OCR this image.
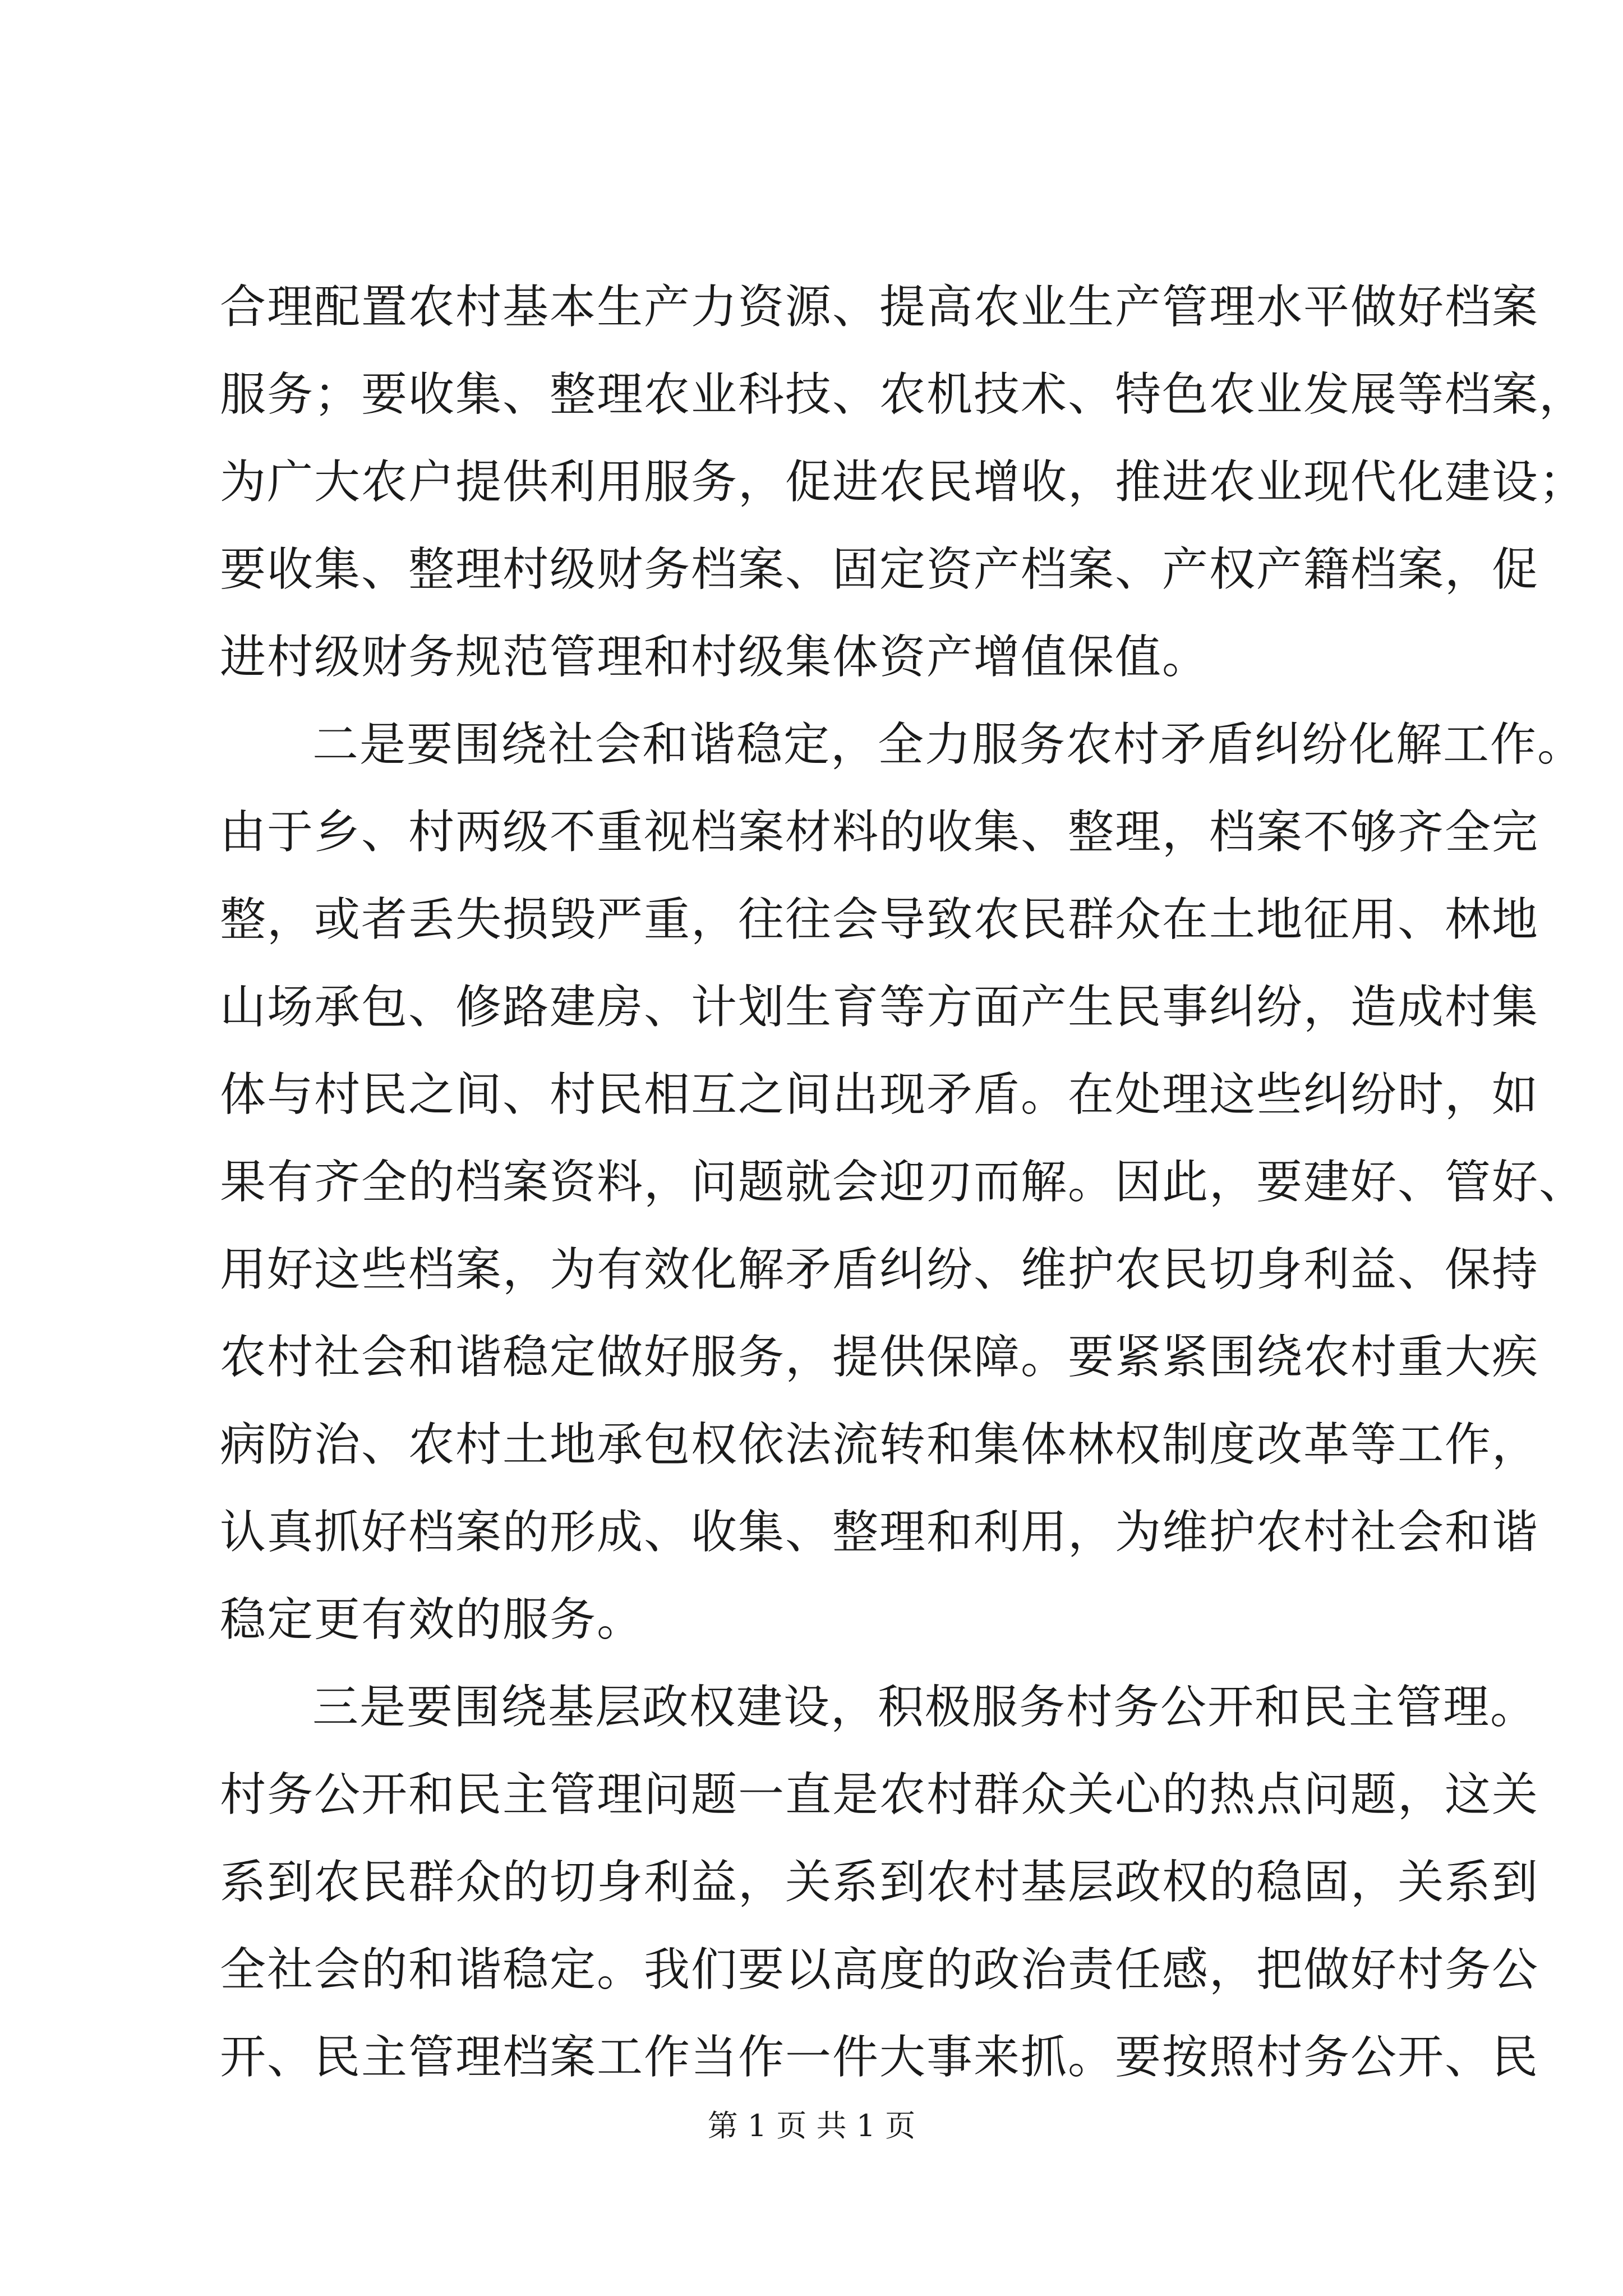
合理配置农村基本生产力资源、提高农业生产管理水平做好档案
服务；要收集、整理农业科技、农机技术、特色农业发展等档案，
为广大农户提供利用服务，促进农民增收，推进农业现代化建设；
要收集、整理村级财务档案、固定资产档案、产权产籍档案，促
进村级财务规范管理和村级集体资产增值保值。
二是要围绕社会和谐稳定，全力服务农村矛盾纠纷化解工作。
由于乡、村两级不重视档案材料的收集、整理，档案不够齐全完
整，或者丢失损毁严重，往往会导致农民群众在土地征用、林地
山场承包、修路建房、计划生育等方面产生民事纠纷，造成村集
体与村民之间、村民相互之间出现矛盾。在处理这些纠纷时，如
果有齐全的档案资料，问题就会迎刃而解。因此，要建好、管好、
用好这些档案，为有效化解矛盾纠纷、维护农民切身利益、保持
农村社会和谐稳定做好服务，提供保障。要紧紧围绕农村重大疾
病防治、农村土地承包权依法流转和集体林权制度改革等工作，
认真抓好档案的形成、收集、整理和利用，为维护农村社会和谐
稳定更有效的服务。
三是要围绕基层政权建设，积极服务村务公开和民主管理。
村务公开和民主管理问题一直是农村群众关心的热点问题，这关
系到农民群众的切身利益，关系到农村基层政权的稳固，关系到
全社会的和谐稳定。我们要以高度的政治责任感，把做好村务公
开、民主管理档案工作当作一件大事来抓。要按照村务公开、民
第 1 页 共 1 页
